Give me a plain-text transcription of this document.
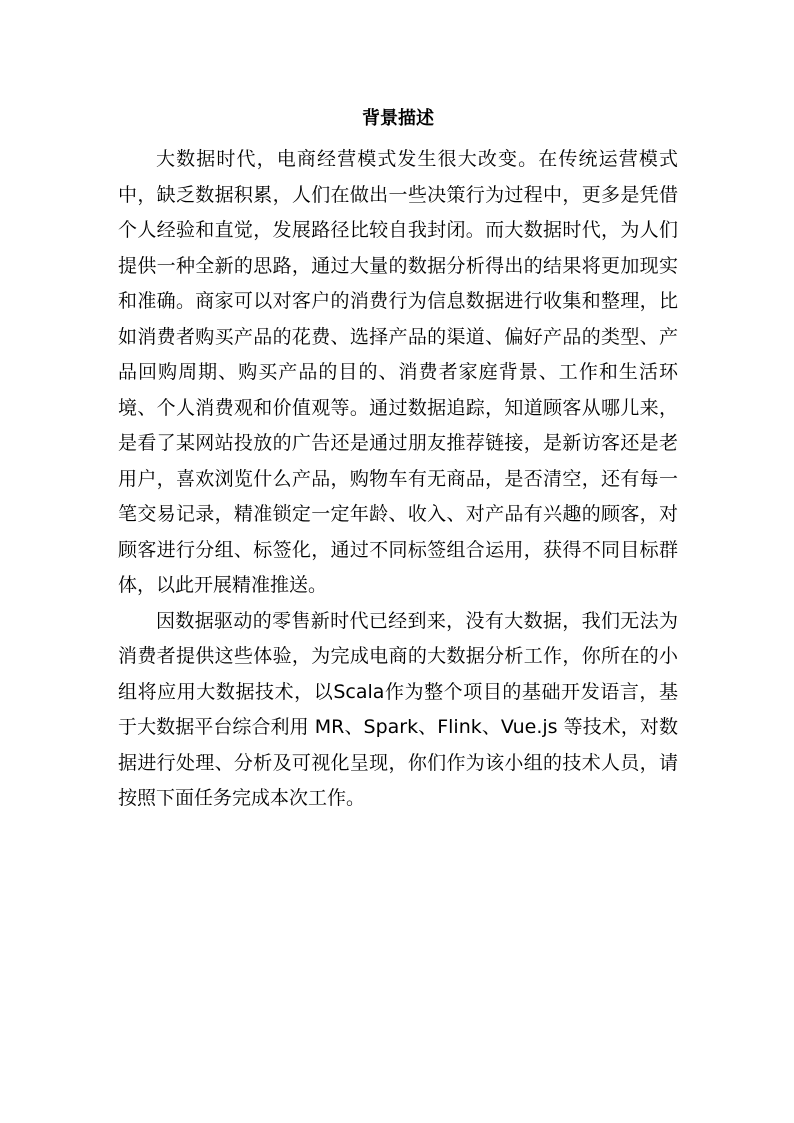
背景描述

大数据时代，电商经营模式发生很大改变。在传统运营模式中，缺乏数据积累，人们在做出一些决策行为过程中，更多是凭借个人经验和直觉，发展路径比较自我封闭。而大数据时代，为人们提供一种全新的思路，通过大量的数据分析得出的结果将更加现实和准确。商家可以对客户的消费行为信息数据进行收集和整理，比如消费者购买产品的花费、选择产品的渠道、偏好产品的类型、产品回购周期、购买产品的目的、消费者家庭背景、工作和生活环境、个人消费观和价值观等。通过数据追踪，知道顾客从哪儿来，是看了某网站投放的广告还是通过朋友推荐链接，是新访客还是老用户，喜欢浏览什么产品，购物车有无商品，是否清空，还有每一笔交易记录，精准锁定一定年龄、收入、对产品有兴趣的顾客，对顾客进行分组、标签化，通过不同标签组合运用，获得不同目标群体，以此开展精准推送。

因数据驱动的零售新时代已经到来，没有大数据，我们无法为消费者提供这些体验，为完成电商的大数据分析工作，你所在的小组将应用大数据技术，以Scala作为整个项目的基础开发语言，基于大数据平台综合利用 MR、Spark、Flink、Vue.js 等技术，对数据进行处理、分析及可视化呈现，你们作为该小组的技术人员，请按照下面任务完成本次工作。
